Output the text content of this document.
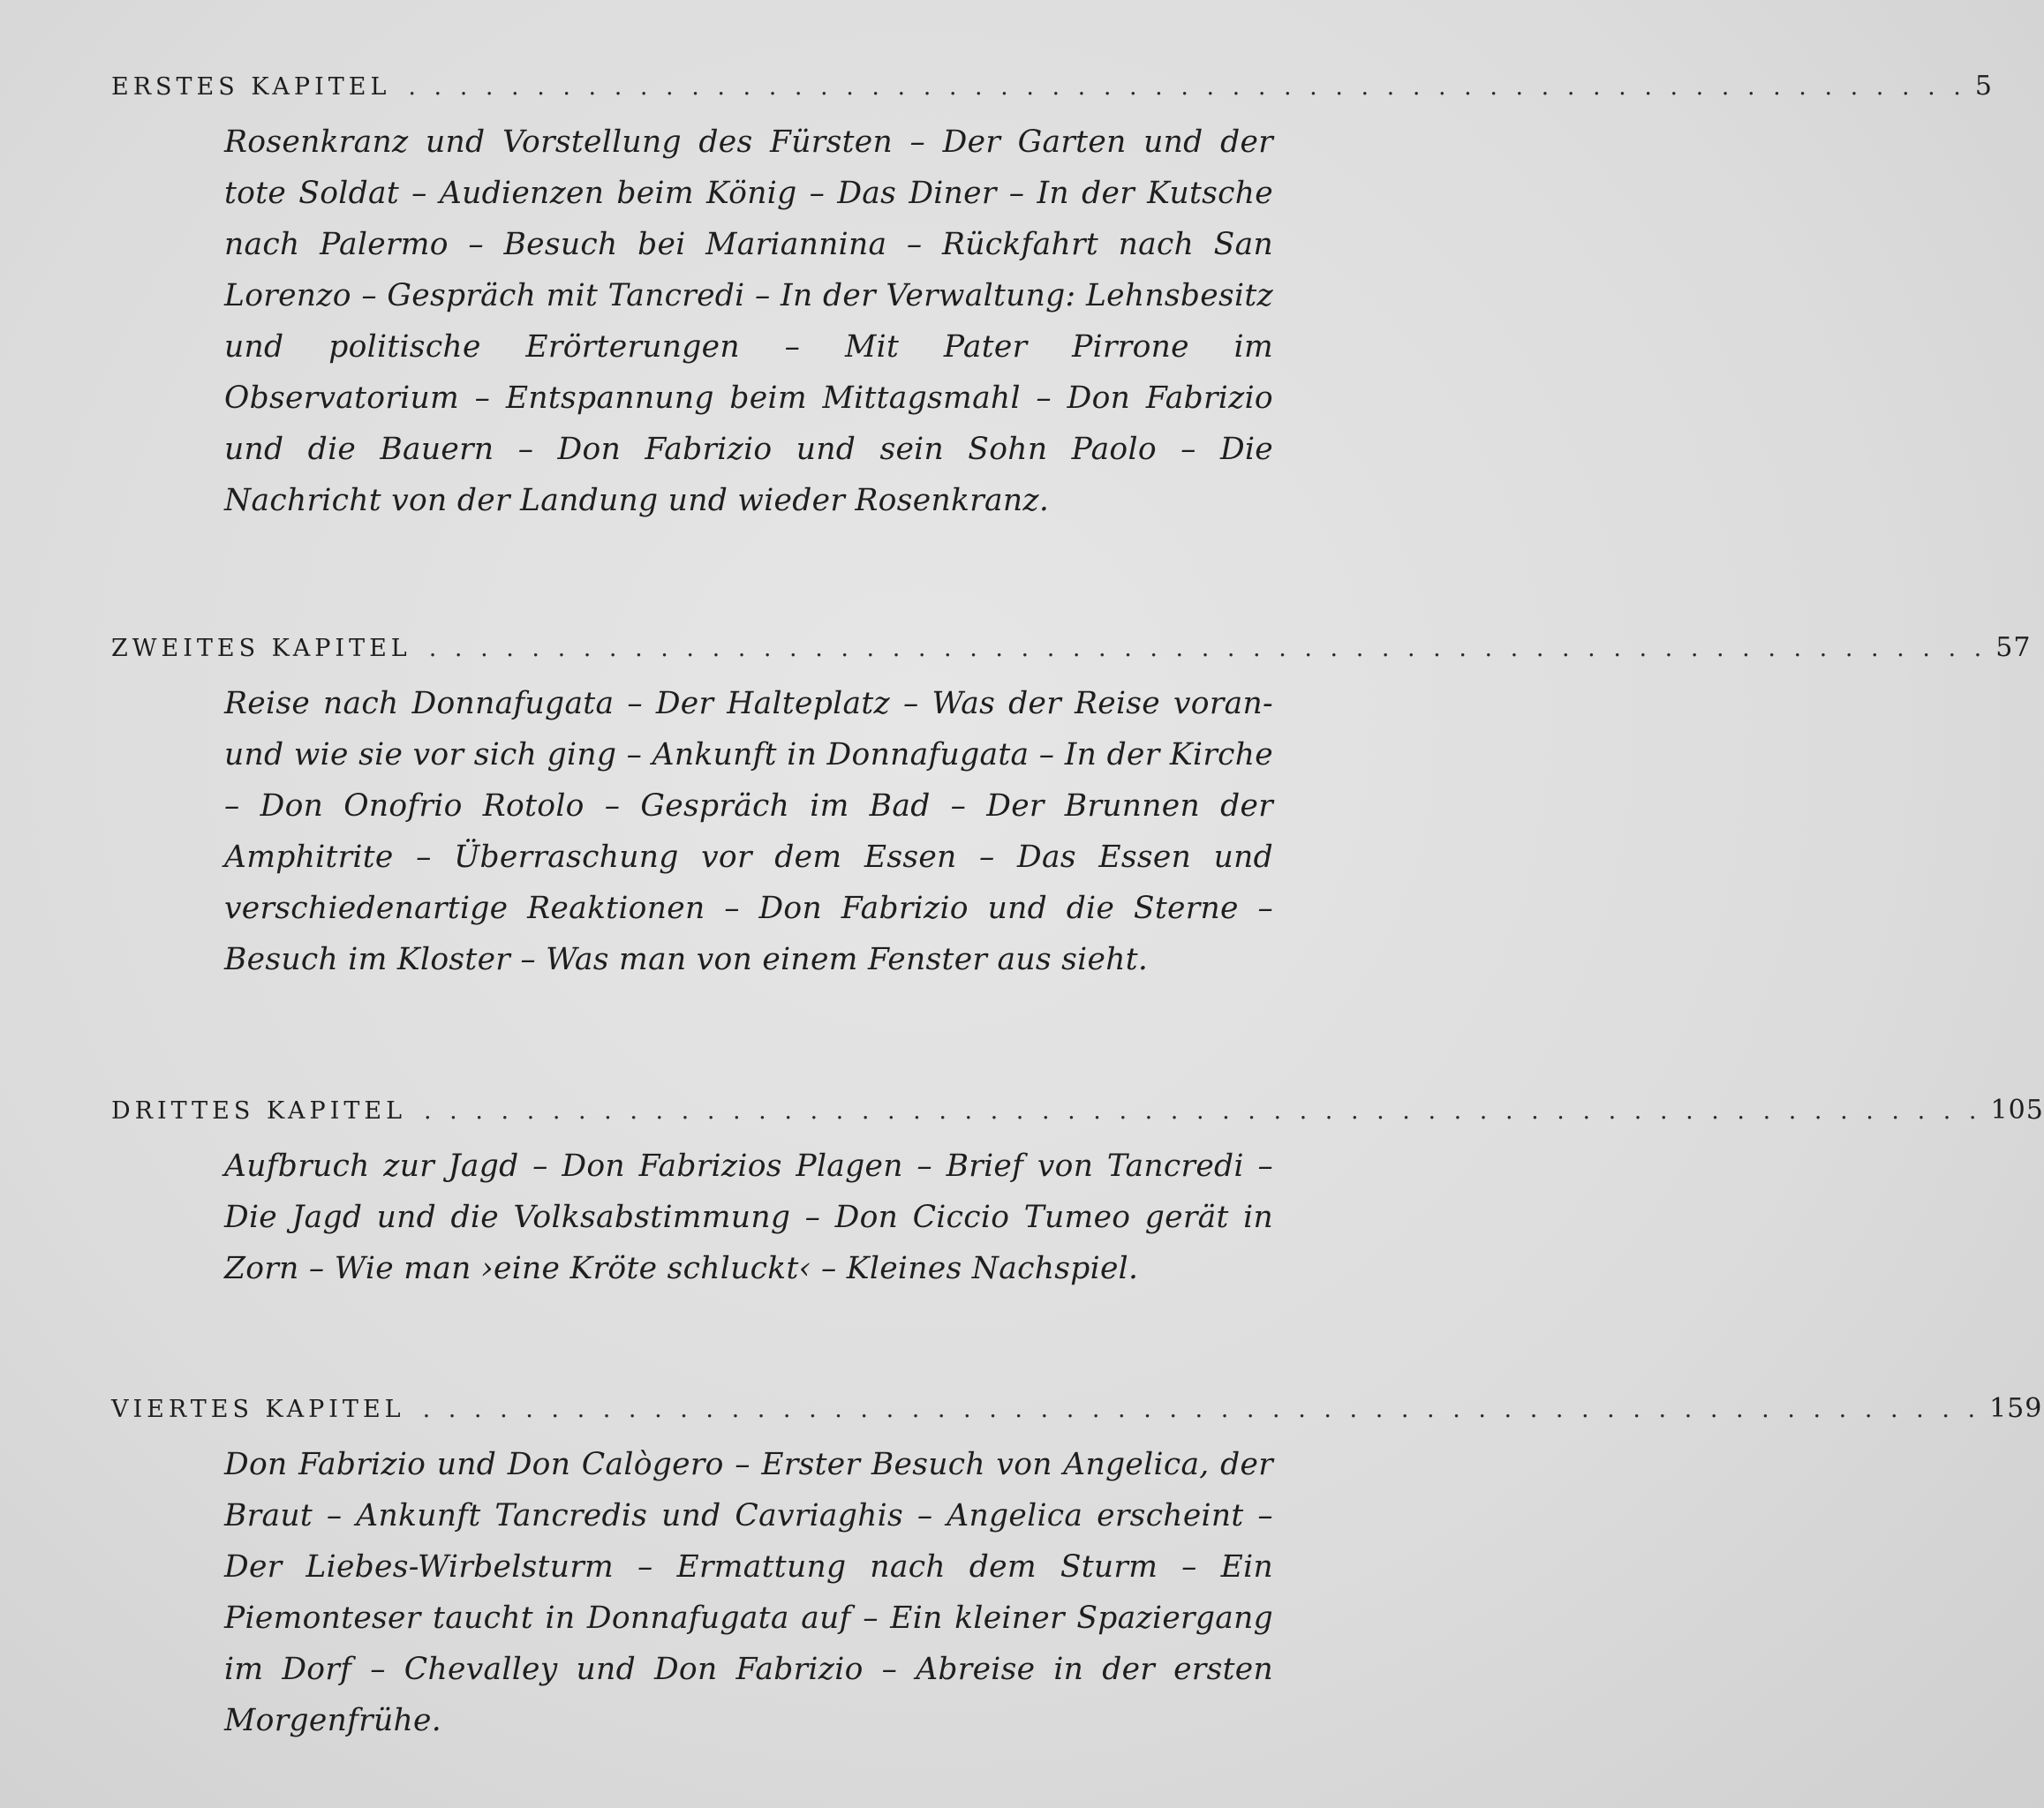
ERSTES KAPITEL . . . . . . . . . . . . . . . . . . . . . . . . . . . . . . . . . . . . . . . . . . . . . . . . . . . . . . . . . . . . . 5

Rosenkranz und Vorstellung des Fürsten – Der Garten und der tote Soldat – Audienzen beim König – Das Diner – In der Kutsche nach Palermo – Besuch bei Mariannina – Rückfahrt nach San Lorenzo – Gespräch mit Tancredi – In der Verwaltung: Lehnsbesitz und politische Erörterungen – Mit Pater Pirrone im Observatorium – Entspannung beim Mittagsmahl – Don Fabrizio und die Bauern – Don Fabrizio und sein Sohn Paolo – Die Nachricht von der Landung und wieder Rosenkranz.

ZWEITES KAPITEL . . . . . . . . . . . . . . . . . . . . . . . . . . . . . . . . . . . . . . . . . . . . . . . . . . . . . . . . . . . . . 57

Reise nach Donnafugata – Der Halteplatz – Was der Reise voran- und wie sie vor sich ging – Ankunft in Donnafugata – In der Kirche – Don Onofrio Rotolo – Gespräch im Bad – Der Brunnen der Amphitrite – Überraschung vor dem Essen – Das Essen und verschiedenartige Reaktionen – Don Fabrizio und die Sterne – Besuch im Kloster – Was man von einem Fenster aus sieht.

DRITTES KAPITEL . . . . . . . . . . . . . . . . . . . . . . . . . . . . . . . . . . . . . . . . . . . . . . . . . . . . . . . . . . . . . 105

Aufbruch zur Jagd – Don Fabrizios Plagen – Brief von Tancredi – Die Jagd und die Volksabstimmung – Don Ciccio Tumeo gerät in Zorn – Wie man ›eine Kröte schluckt‹ – Kleines Nachspiel.

VIERTES KAPITEL . . . . . . . . . . . . . . . . . . . . . . . . . . . . . . . . . . . . . . . . . . . . . . . . . . . . . . . . . . . . . 159

Don Fabrizio und Don Calògero – Erster Besuch von Angelica, der Braut – Ankunft Tancredis und Cavriaghis – Angelica erscheint – Der Liebes-Wirbelsturm – Ermattung nach dem Sturm – Ein Piemonteser taucht in Donnafugata auf – Ein kleiner Spaziergang im Dorf – Chevalley und Don Fabrizio – Abreise in der ersten Morgenfrühe.
